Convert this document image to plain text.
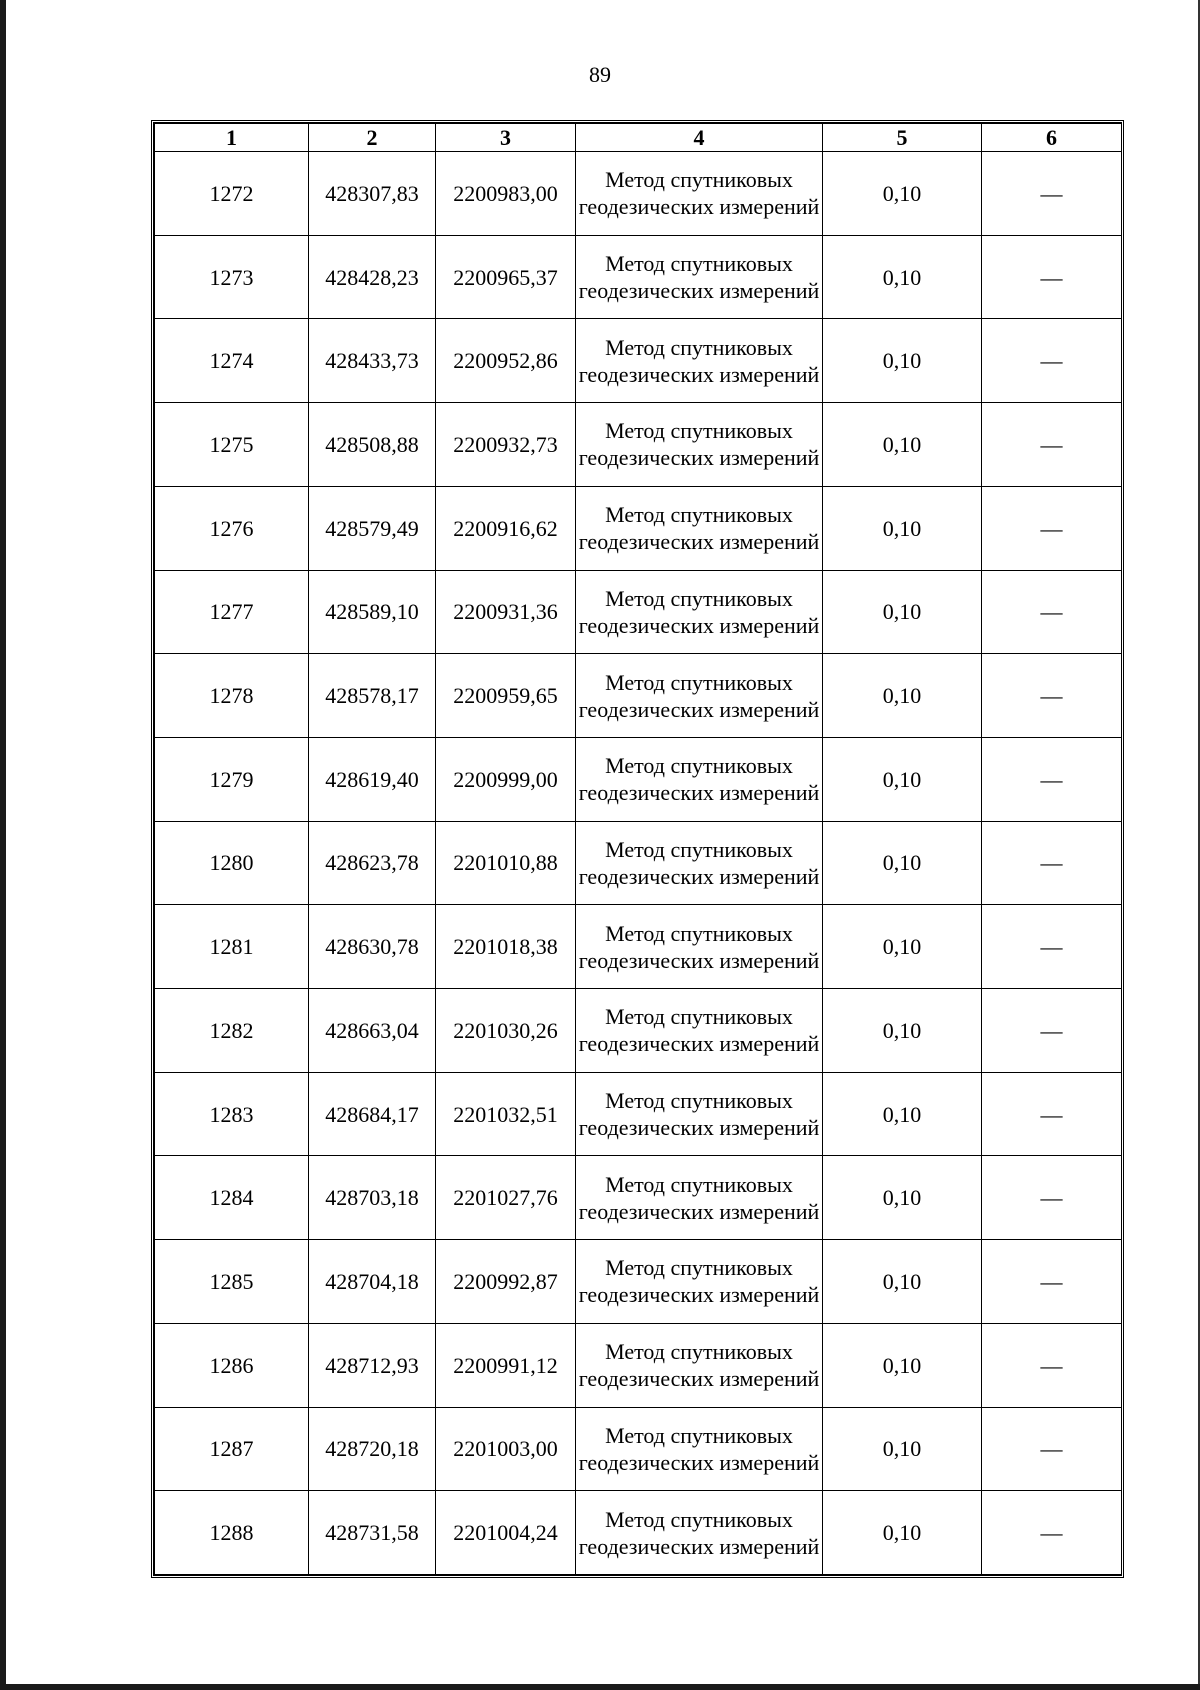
89
1	2	3	4	5	6
1272	428307,83	2200983,00	Метод спутниковых геодезических измерений	0,10	—
1273	428428,23	2200965,37	Метод спутниковых геодезических измерений	0,10	—
1274	428433,73	2200952,86	Метод спутниковых геодезических измерений	0,10	—
1275	428508,88	2200932,73	Метод спутниковых геодезических измерений	0,10	—
1276	428579,49	2200916,62	Метод спутниковых геодезических измерений	0,10	—
1277	428589,10	2200931,36	Метод спутниковых геодезических измерений	0,10	—
1278	428578,17	2200959,65	Метод спутниковых геодезических измерений	0,10	—
1279	428619,40	2200999,00	Метод спутниковых геодезических измерений	0,10	—
1280	428623,78	2201010,88	Метод спутниковых геодезических измерений	0,10	—
1281	428630,78	2201018,38	Метод спутниковых геодезических измерений	0,10	—
1282	428663,04	2201030,26	Метод спутниковых геодезических измерений	0,10	—
1283	428684,17	2201032,51	Метод спутниковых геодезических измерений	0,10	—
1284	428703,18	2201027,76	Метод спутниковых геодезических измерений	0,10	—
1285	428704,18	2200992,87	Метод спутниковых геодезических измерений	0,10	—
1286	428712,93	2200991,12	Метод спутниковых геодезических измерений	0,10	—
1287	428720,18	2201003,00	Метод спутниковых геодезических измерений	0,10	—
1288	428731,58	2201004,24	Метод спутниковых геодезических измерений	0,10	—
